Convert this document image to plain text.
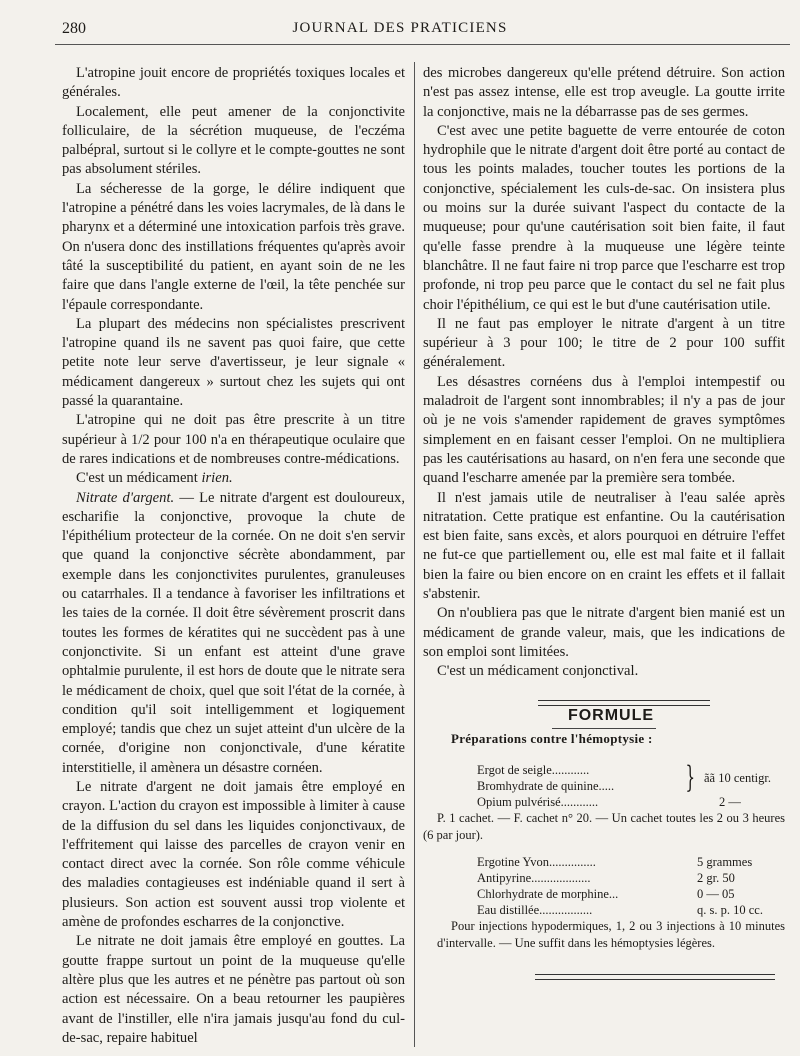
280	JOURNAL DES PRATICIENS

L'atropine jouit encore de propriétés toxiques locales et générales.

Localement, elle peut amener de la conjonctivite folliculaire, de la sécrétion muqueuse, de l'eczéma palbépral, surtout si le collyre et le compte-gouttes ne sont pas absolument stériles.

La sécheresse de la gorge, le délire indiquent que l'atropine a pénétré dans les voies lacrymales, de là dans le pharynx et a déterminé une intoxication parfois très grave. On n'usera donc des instillations fréquentes qu'après avoir tâté la susceptibilité du patient, en ayant soin de ne les faire que dans l'angle externe de l'œil, la tête penchée sur l'épaule correspondante.

La plupart des médecins non spécialistes prescrivent l'atropine quand ils ne savent pas quoi faire, que cette petite note leur serve d'avertisseur, je leur signale « médicament dangereux » surtout chez les sujets qui ont passé la quarantaine.

L'atropine qui ne doit pas être prescrite à un titre supérieur à 1/2 pour 100 n'a en thérapeutique oculaire que de rares indications et de nombreuses contre-médications.

C'est un médicament irien.

Nitrate d'argent. — Le nitrate d'argent est douloureux, escharifie la conjonctive, provoque la chute de l'épithélium protecteur de la cornée. On ne doit s'en servir que quand la conjonctive sécrète abondamment, par exemple dans les conjonctivites purulentes, granuleuses ou catarrhales. Il a tendance à favoriser les infiltrations et les taies de la cornée. Il doit être sévèrement proscrit dans toutes les formes de kératites qui ne succèdent pas à une conjonctivite. Si un enfant est atteint d'une grave ophtalmie purulente, il est hors de doute que le nitrate sera le médicament de choix, quel que soit l'état de la cornée, à condition qu'il soit intelligemment et logiquement employé; tandis que chez un sujet atteint d'un ulcère de la cornée, d'origine non conjonctivale, d'une kératite interstitielle, il amènera un désastre cornéen.

Le nitrate d'argent ne doit jamais être employé en crayon. L'action du crayon est impossible à limiter à cause de la diffusion du sel dans les liquides conjonctivaux, de l'effritement qui laisse des parcelles de crayon venir en contact direct avec la cornée. Son rôle comme véhicule des maladies contagieuses est indéniable quand il sert à plusieurs. Son action est souvent aussi trop violente et amène de profondes escharres de la conjonctive.

Le nitrate ne doit jamais être employé en gouttes. La goutte frappe surtout un point de la muqueuse qu'elle altère plus que les autres et ne pénètre pas partout où son action est nécessaire. On a beau retourner les paupières avant de l'instiller, elle n'ira jamais jusqu'au fond du cul-de-sac, repaire habituel

des microbes dangereux qu'elle prétend détruire. Son action n'est pas assez intense, elle est trop aveugle. La goutte irrite la conjonctive, mais ne la débarrasse pas de ses germes.

C'est avec une petite baguette de verre entourée de coton hydrophile que le nitrate d'argent doit être porté au contact de tous les points malades, toucher toutes les portions de la conjonctive, spécialement les culs-de-sac. On insistera plus ou moins sur la durée suivant l'aspect du contacte de la muqueuse; pour qu'une cautérisation soit bien faite, il faut qu'elle fasse prendre à la muqueuse une légère teinte blanchâtre. Il ne faut faire ni trop parce que l'escharre est trop profonde, ni trop peu parce que le contact du sel ne fait plus choir l'épithélium, ce qui est le but d'une cautérisation utile.

Il ne faut pas employer le nitrate d'argent à un titre supérieur à 3 pour 100; le titre de 2 pour 100 suffit généralement.

Les désastres cornéens dus à l'emploi intempestif ou maladroit de l'argent sont innombrables; il n'y a pas de jour où je ne vois s'amender rapidement de graves symptômes simplement en en faisant cesser l'emploi. On ne multipliera pas les cautérisations au hasard, on n'en fera une seconde que quand l'escharre amenée par la première sera tombée.

Il n'est jamais utile de neutraliser à l'eau salée après nitratation. Cette pratique est enfantine. Ou la cautérisation est bien faite, sans excès, et alors pourquoi en détruire l'effet ne fut-ce que partiellement ou, elle est mal faite et il fallait bien la faire ou bien encore on en craint les effets et il fallait s'abstenir.

On n'oubliera pas que le nitrate d'argent bien manié est un médicament de grande valeur, mais, que les indications de son emploi sont limitées.

C'est un médicament conjonctival.

FORMULE

Préparations contre l'hémoptysie :

Ergot de seigle............
Bromhydrate de quinine.....	} ãã 10 centigr.
Opium pulvérisé............	2 —

P. 1 cachet. — F. cachet n° 20. — Un cachet toutes les 2 ou 3 heures (6 par jour).

Ergotine Yvon...............	5 grammes
Antipyrine...................	2 gr. 50
Chlorhydrate de morphine...	0 — 05
Eau distillée.................	q. s. p. 10 cc.

Pour injections hypodermiques, 1, 2 ou 3 injections à 10 minutes d'intervalle. — Une suffit dans les hémoptysies légères.
